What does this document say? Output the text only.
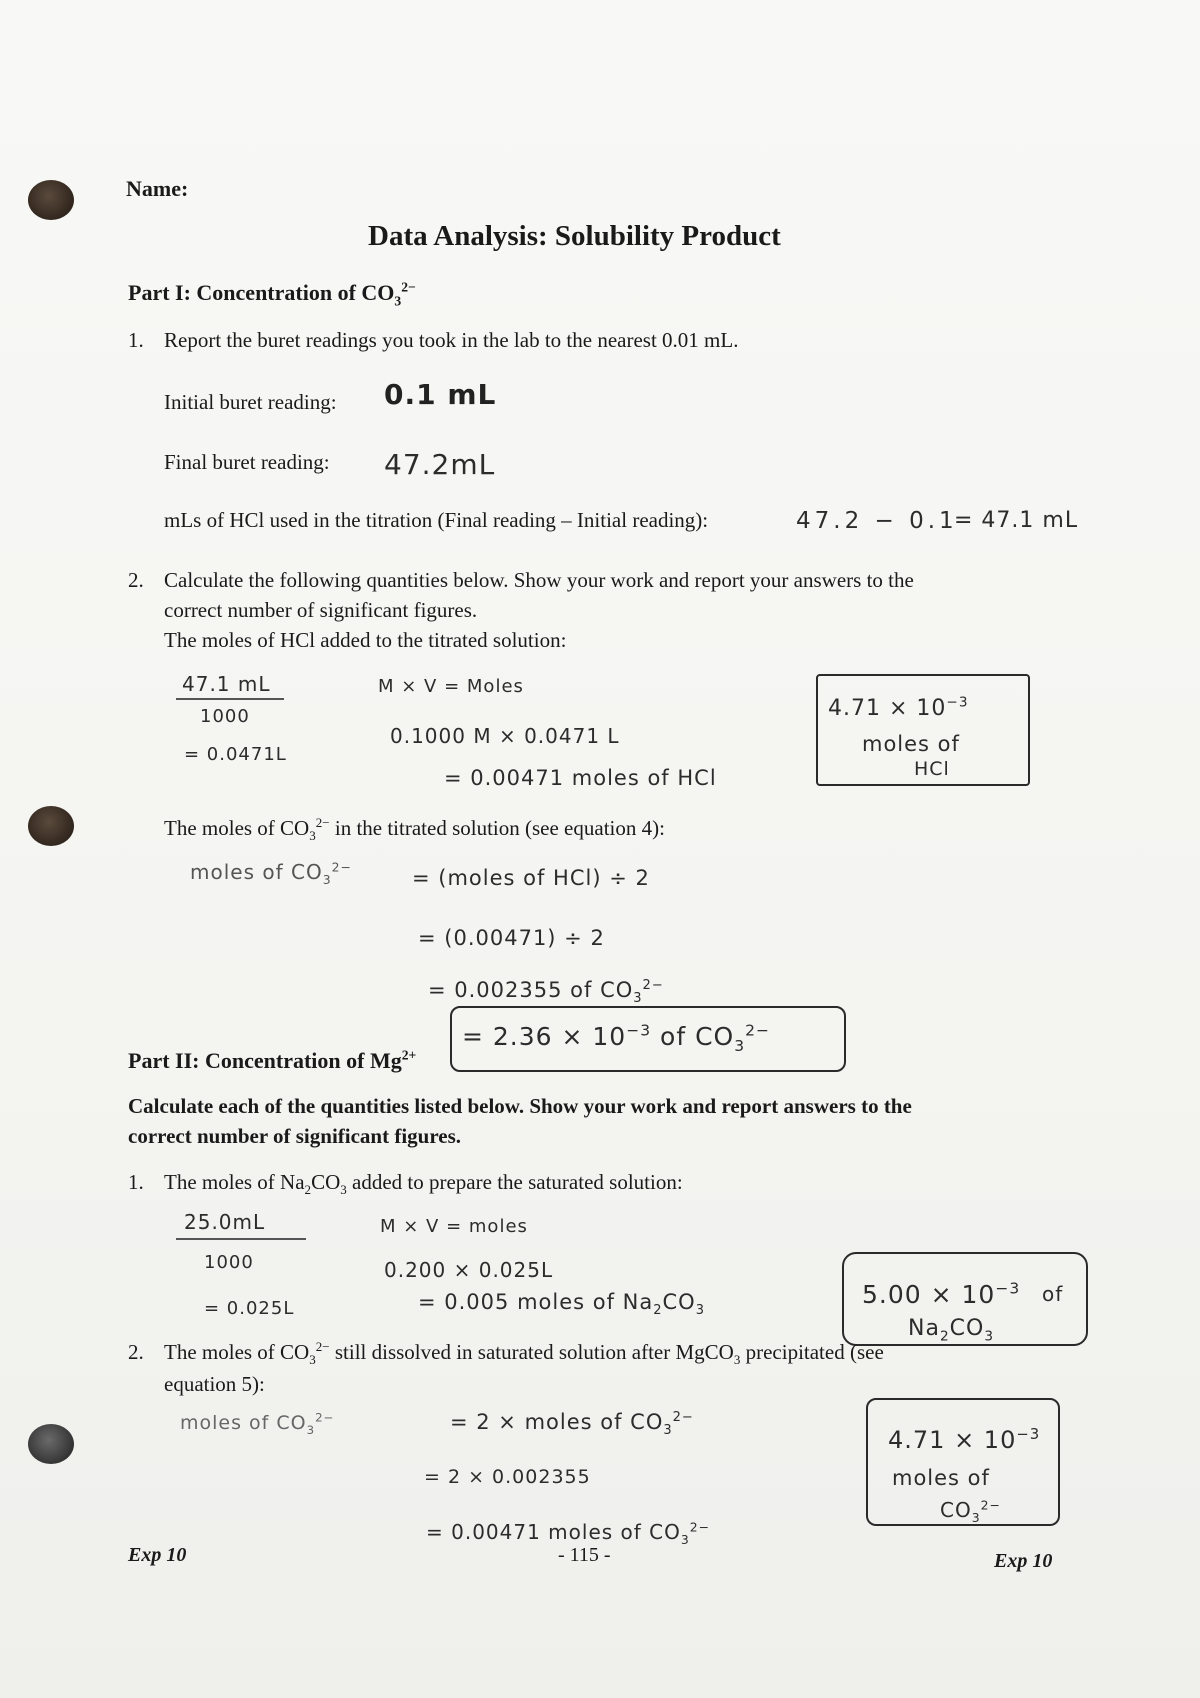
Name:
Data Analysis: Solubility Product
Part I: Concentration of $CO_3^{2-}$
1. Report the buret readings you took in the lab to the nearest 0.01 mL.
Initial buret reading: 0.1 mL
Final buret reading: 47.2mL
mLs of HCl used in the titration (Final reading – Initial reading):	47.2 − 0.1
= 47.1 mL
2. Calculate the following quantities below. Show your work and report your answers to the
correct number of significant figures.
The moles of HCl added to the titrated solution:
47.1 mL
1000
= 0.0471L
M × V = Moles
0.1000 M × 0.0471 L
= 0.00471 moles of HCl
$4.71 \times 10^{-3}$
moles of
HCl
The moles of $CO_3^{2-}$ in the titrated solution (see equation 4):
moles of $CO_3^{2-}$	= (moles of HCl) ÷ 2
= (0.00471) ÷ 2
= 0.002355 of $CO_3^{2-}$
= $2.36 \times 10^{-3}$ of $CO_3^{2-}$
Part II: Concentration of $Mg^{2+}$
Calculate each of the quantities listed below. Show your work and report answers to the
correct number of significant figures.
1. The moles of $Na_2CO_3$ added to prepare the saturated solution:
25.0mL
1000
= 0.025L
M × V = moles
0.200 × 0.025L
= 0.005 moles of $Na_2CO_3$
$5.00 \times 10^{-3}$ of
$Na_2CO_3$
2. The moles of $CO_3^{2-}$ still dissolved in saturated solution after MgCO$_3$ precipitated (see
equation 5):
moles of $CO_3^{2-}$	= 2 × moles of $CO_3^{2-}$
= 2 × 0.002355
= 0.00471 moles of $CO_3^{2-}$
$4.71 \times 10^{-3}$
moles of
$CO_3^{2-}$
Exp 10	- 115 -	Exp 10
